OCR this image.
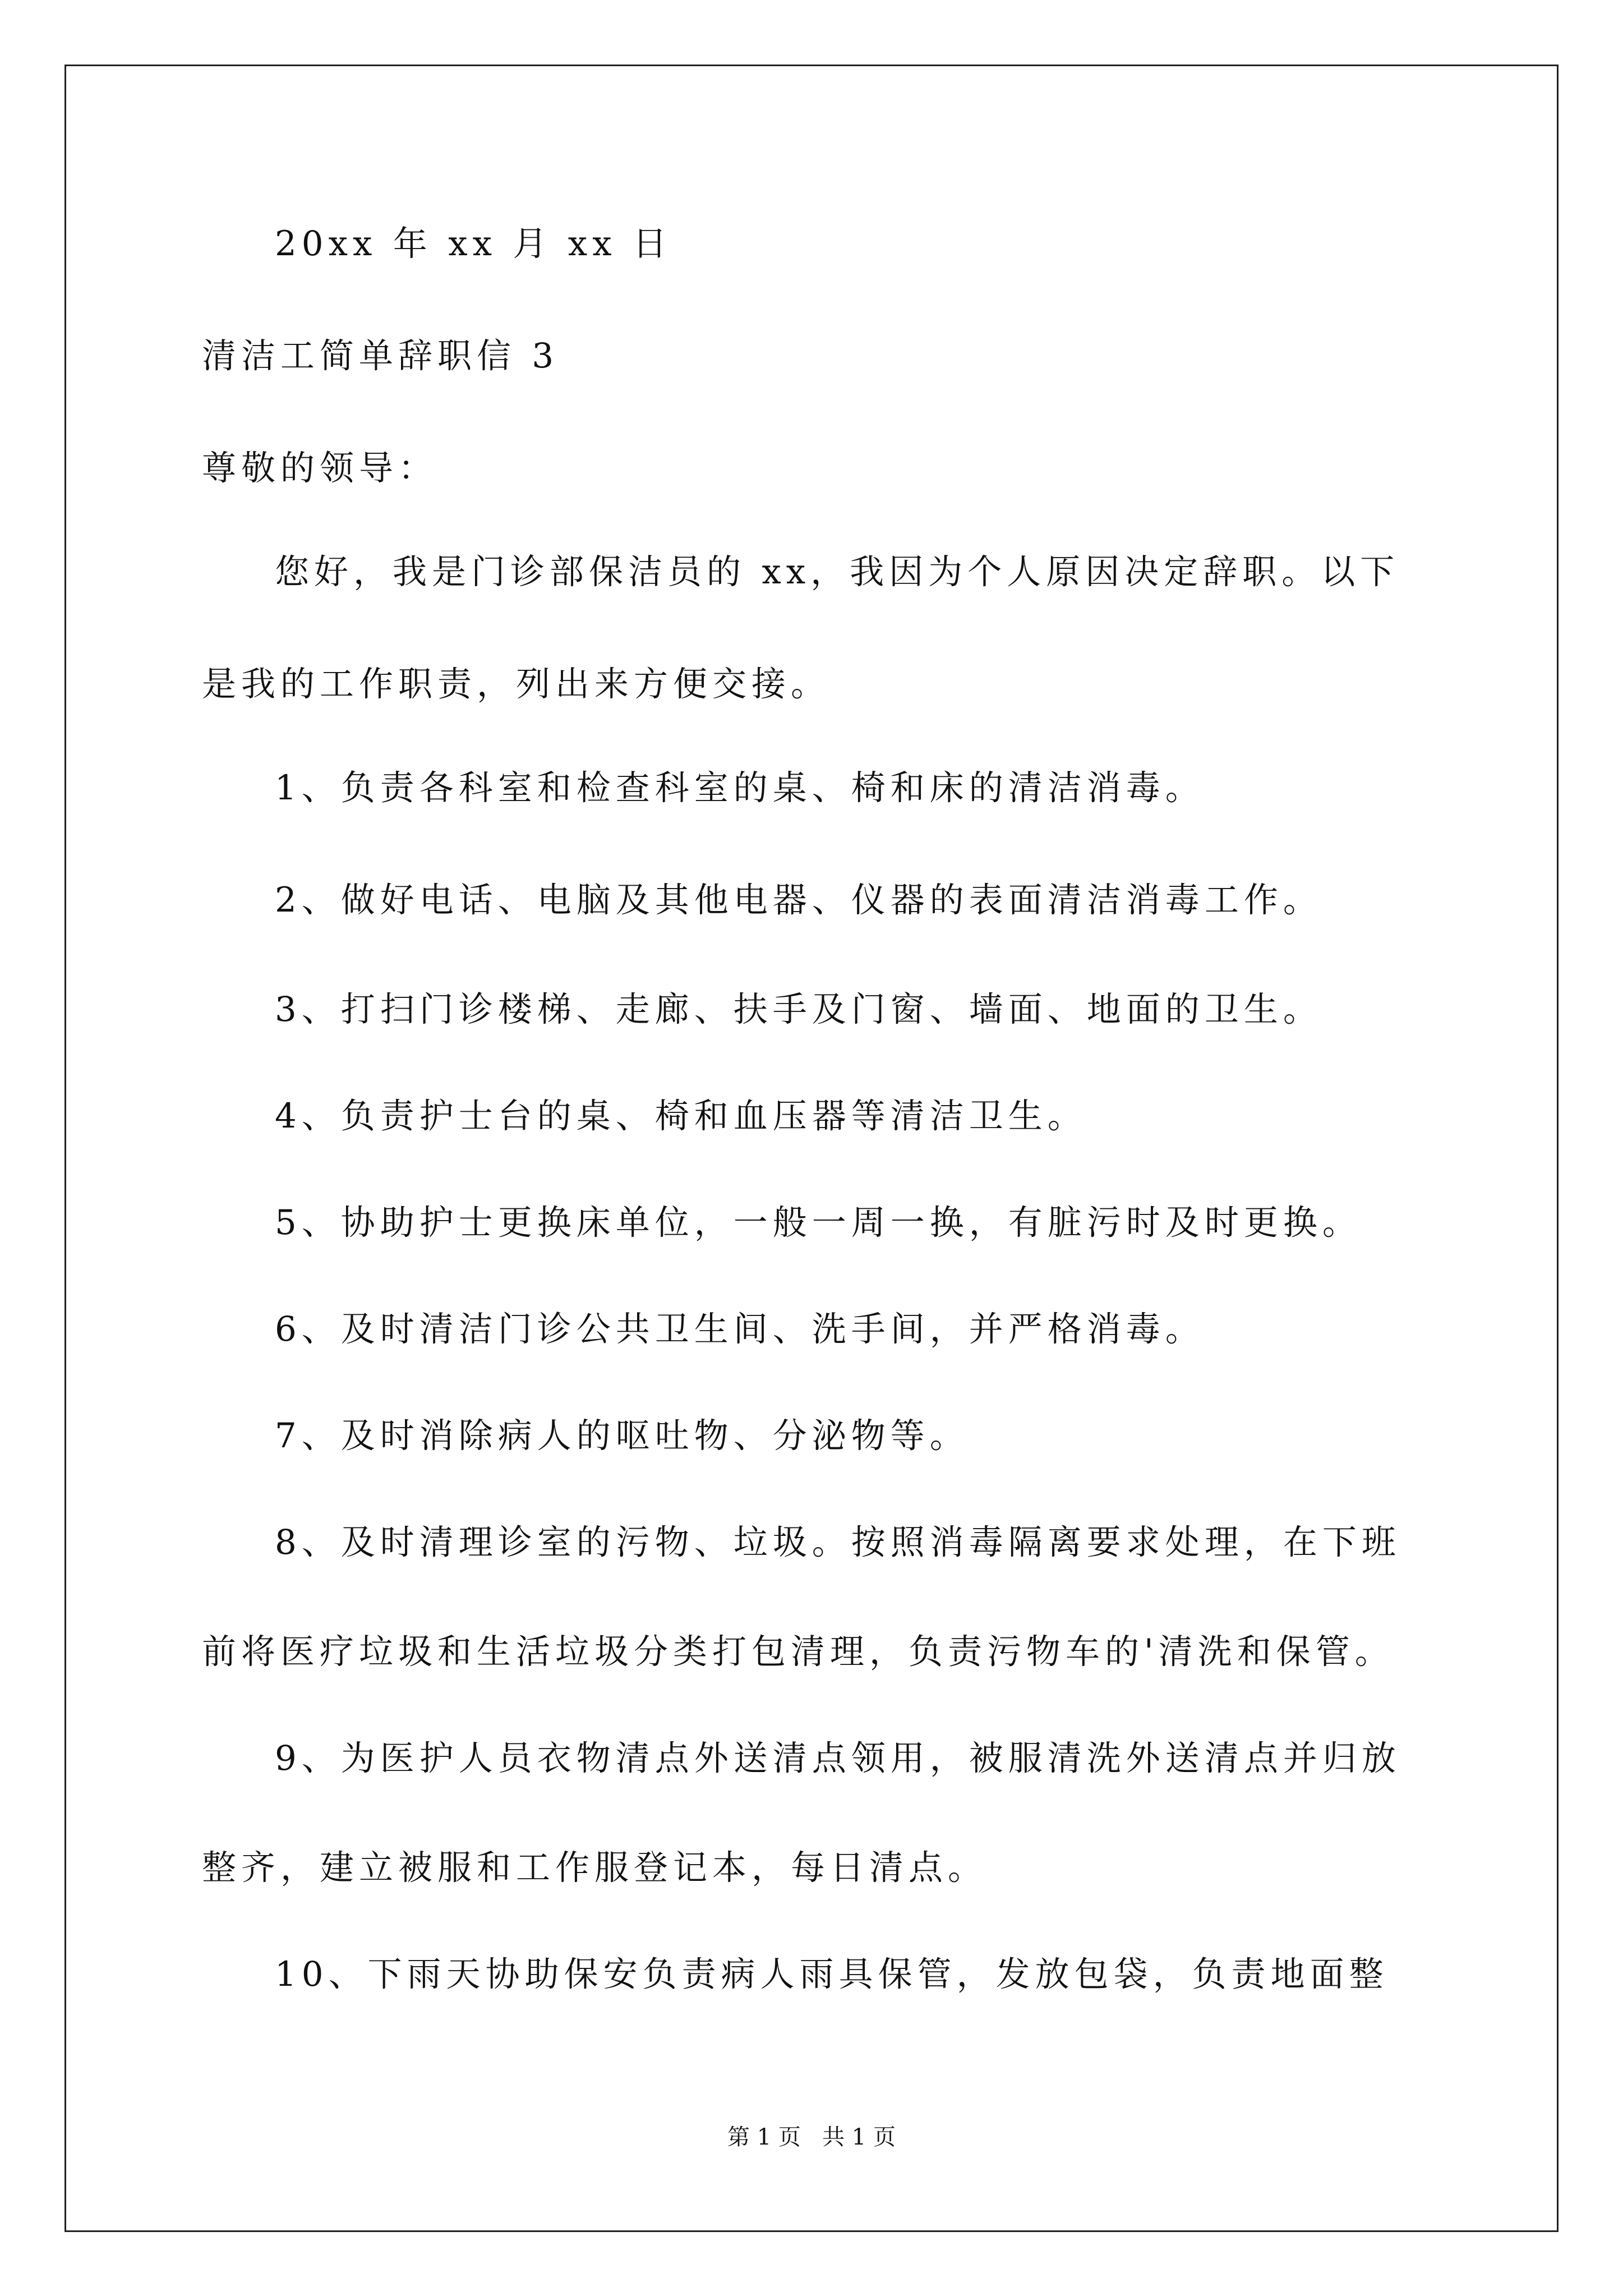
20xx 年 xx 月 xx 日
清洁工简单辞职信 3
尊敬的领导：
您好，我是门诊部保洁员的 xx，我因为个人原因决定辞职。以下
是我的工作职责，列出来方便交接。
1、负责各科室和检查科室的桌、椅和床的清洁消毒。
2、做好电话、电脑及其他电器、仪器的表面清洁消毒工作。
3、打扫门诊楼梯、走廊、扶手及门窗、墙面、地面的卫生。
4、负责护士台的桌、椅和血压器等清洁卫生。
5、协助护士更换床单位，一般一周一换，有脏污时及时更换。
6、及时清洁门诊公共卫生间、洗手间，并严格消毒。
7、及时消除病人的呕吐物、分泌物等。
8、及时清理诊室的污物、垃圾。按照消毒隔离要求处理，在下班
前将医疗垃圾和生活垃圾分类打包清理，负责污物车的'清洗和保管。
9、为医护人员衣物清点外送清点领用，被服清洗外送清点并归放
整齐，建立被服和工作服登记本，每日清点。
10、下雨天协助保安负责病人雨具保管，发放包袋，负责地面整
第 1 页   共 1 页
